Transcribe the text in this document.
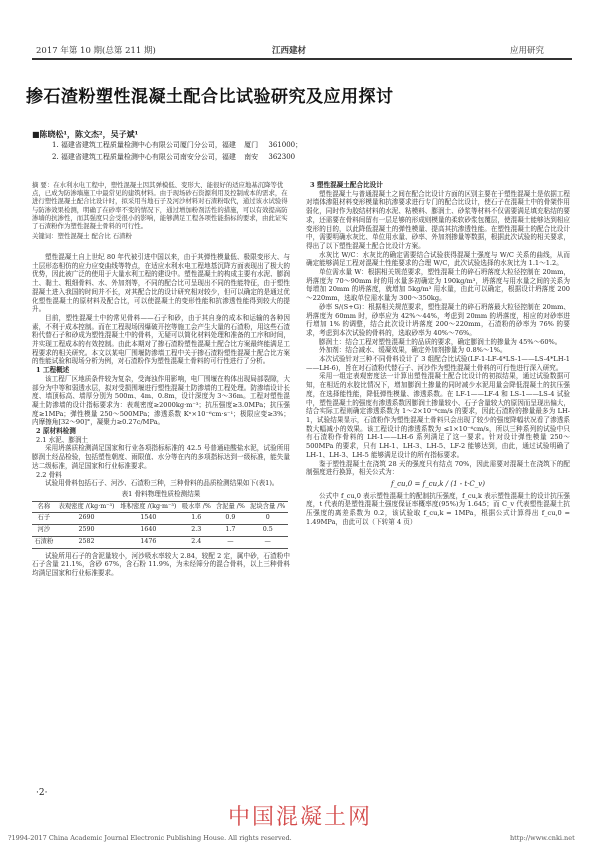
2017 年第 10 期(总第 211 期)	江西建材	应用研究
掺石渣粉塑性混凝土配合比试验研究及应用探讨
■陈晓松¹，陈文杰²，吴子斌¹
1. 福建省建筑工程质量检测中心有限公司厦门分公司，福建 厦门 361000；
2. 福建省建筑工程质量检测中心有限公司南安分公司，福建 南安 362300
摘 要：在水利水电工程中，塑性混凝土因其弹模低、变形大、能很好的适应地基沉降等优点，已成为防渗墙施工中最常见的建筑材料。由于现场砂石资源利用及控制成本的需求，在进行塑性混凝土配合比设计时，拟采用当地石子及河沙材料对石渣粉取代，通过该水试验得与防渗效果检测，明确了在砂率不变的情况下，通过增加粉剂活性的措施，可以有效提高防渗墙的抗渗性，而其强度只会受很小的影响，能够满足工程各项性能指标的要求，由此证实了石渣粉作为塑性混凝土骨料的可行性。
关键词：塑性混凝土 配合比 石渣粉

塑性混凝土自上世纪 80 年代被引进中国以来，由于其弹性模量低、极限变形大、与土层形态相仿的应力应变曲线等特点，在适应水利水电工程地基沉降方面表现出了极大的优势，因此被广泛的使用于大量水利工程的建设中。塑性混凝土的构成主要有水泥、膨润土、黏土、粗细骨料、水、外加剂等，不同的配合比可呈现出不同的性能特征，由于塑性混凝土进入我国的时间并不长，对其配合比的设计研究相对较少，但可以确定的是通过优化塑性混凝土的原材料及配合比，可以使混凝土的变形性能和抗渗透性能得到较大的提升。

目前，塑性混凝土中的常见骨料——石子和砂，由于其自身的成本和运输的各种因素，不利于成本控制。而在工程现场因爆破开挖等施工会产生大量的石渣粉，用这些石渣粉代替石子和砂成为塑性混凝土中的骨料，无疑可以简化材料处理和准备的工序和时间，并实现工程成本的有效控制。由此本期对了掺石渣粉塑性混凝土配合比方案最终能满足工程要求的相关研究。本文以某电厂围堰防渗墙工程中关于掺石渣粉塑性混凝土配合比方案的性能试验和现场分析为例，对石渣粉作为塑性混凝土骨料的可行性进行了分析。

1 工程概述

该工程厂区地质条件较为复杂，受海浊作用影响，电厂围堰在构体出现局部裂隙，大部分为中等和弱透水层，拟对受损围堰进行塑性混凝土防渗墙的工程处理。防渗墙设计长度、墙顶标高、墙厚分别为 500m、4m、0.8m，设计深度为 3～36m。工程对塑性混凝土防渗墙的设计指标要求为：表观密度≥2000kg·m⁻³；抗压强度≥3.0MPa；抗压强度≥1MPa；弹性模量 250～500MPa；渗透系数 Kⁿ×10⁻⁶cm·s⁻¹；极限应变≥3%；内摩擦角[32～90]°，凝聚力≥0.27c/MPa。

2 原材料检测

2.1 水泥、膨润土

采用坍落质检测满足国家和行业各项指标标准的 42.5 号普通硅酸盐水泥，试验所用膨润土经品检验，包括塑性朝度、雨限值、水分等在内的多项指标达到一级标准，能失量达二级标准，满足国家和行业标准要求。

2.2 骨料

试验用骨料包括石子、河沙、石渣粉三种，三种骨料的品质检测结果如下(表1)。

表1 骨料物理性质检测结果
名称	表观密度 /(kg·m⁻³)	堆积密度 /(kg·m⁻³)	吸水率 /%	含泥量 /%	泥块含量 /%
石子	2690	1540	1.6	0.9	0
河沙	2590	1640	2.3	1.7	0.5
石渣粉	2582	1476	2.4	—	—

试验所用石子的含泥量较小，河沙吸水率较大 2.84，较配 2 定，属中砂，石渣粉中石子含量 21.1%，含砂 67%，含石粉 11.9%，为未经筛分的混合骨料，以上三种骨料均满足国家和行业标准要求。

3 塑性混凝土配合比设计

塑性混凝土与普通混凝土之间在配合比设计方面的区别主要在于塑性混凝土是依据工程对墙体渗阻材料变形模量和抗渗要求进行专门的配合比设计，使石子在混凝土中的骨架作用弱化，同时作为胶结材料的水泥、粘模料、膨润土、砂浆等材料不仅需要满足填充粘结的要求，还需要在骨料间留有一层足够的形成则模量的柔软砂浆包覆层，使混凝土能够达到相应变形的目的，以此降低混凝土的弹性模量、提高其抗渗透性能。在塑性混凝土的配合比设计中，需要明确水灰比、单位用水量、砂率、外加剂掺量等数据，根据此次试验的相关要求，得出了以下塑性混凝土配合比设计方案。

水灰比 W/C：水灰比的确定需要结合试验获得混凝土强度与 W/C 关系的曲线，从而确定能够满足工程对混凝土性能要求的合理 W/C，此次试验选择的水灰比为 1.1～1.2。

单位需水量 W：根据相关规范要求，塑性混凝土的碎石坍落度大粒径控制在 20mm，坍落度为 70～90mm 时的用水量多初确定为 190kg/m³，坍落度与用水量之间的关系为每增加 20mm 的坍落度，就增加 5kg/m³ 用水量，由此可以确定，根据设计坍落度 200～220mm，选取单位需水量为 300～350kg。

砂率 S/(S+G)：根据相关规范要求，塑性混凝土的碎石坍落最大粒径控制在 20mm、坍落度为 60mm 时，砂率应为 42%～44%，考虑到 20mm 的坍落度，相应的对砂率进行增加 1% 的调整，结合此次设计坍落度 200～220mm，石渣粉的砂率为 76% 的要求，考虑到本次试验的骨料的，选取砂率为 40%～76%。

膨润土：结合工程对塑性混凝土的品质的要求，确定膨润土的掺量为 45%～60%。

外加剂：结合减水、缓凝效果，确定外加剂掺量为 0.8%～1%。

本次试验针对三种不同骨料设计了 3 组配合比试验(LF-1-LF-4*LS-1——LS-4*LH-1——LH-6)，旨在对石渣粉代替石子、河沙作为塑性混凝土骨料的可行性进行深入研究。

采用一组定表观密度法一计算出塑性混凝土配合比设计的初拟结果，通过试验数据可知，在相近的水胶比情况下，增加膨润土掺量的同时减少水泥用量会降低混凝土的抗压强度，在选择能性能，降低弹性模量、渗透系数。在 LF-1——LF-4 和 LS-1——LS-4 试验中，塑性混凝土的强度有渗透系数因膨润土掺量较小、石子含量较大的原因而呈现出偏大，结合实际工程则确定渗透系数为 1～2×10⁻⁶cm/s 的要求，因此石渣粉的掺量最多为 LH-1，试验结果显示，石渣粉作为塑性混凝土骨料只会出现了较少的强度降幅状况看了渗透系数大幅减小的效果。该工程设计的渗透系数为 ≤1×10⁻⁶cm/s，所以三种系列的试验中只有石渣粉作骨料的 LH-1——LH-6 系列满足了这一要求。针对设计弹性模量 250～500MPa 的要求，只有 LH-1、LH-3、LH-5、LF-2 能够达到，由此，通过试验明确了 LH-1、LH-3、LH-5 能够满足设计的所有指标要求。

鉴于塑性混凝土在浇筑 28 天的强度只有结点 70%，因此需要对混凝土在浇筑下的配制强度进行换算，相关公式为：

f_cu,0 = f_cu,k / (1 - t·C_v)

公式中 f_cu,0 表示塑性混凝土的配制抗压强度，f_cu,k 表示塑性混凝土的设计抗压强度，t 代表的是塑性混凝土强度保证率概率度(95%)为 1.645；而 C_v 代表塑性混凝土抗压强度的离差系数为 0.2，该试验取 f_cu,k = 1MPa，根据公式计算得出 f_cu,0 = 1.49MPa，由此可以（下转第 4 页）

·2·
中国混凝土网
?1994-2017 China Academic Journal Electronic Publishing House. All rights reserved.	http://www.cnki.net
